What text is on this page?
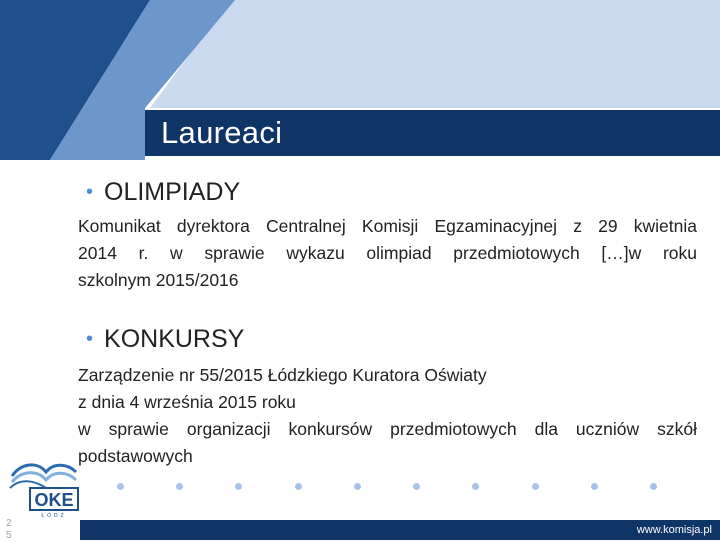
Laureaci
• OLIMPIADY
Komunikat dyrektora Centralnej Komisji Egzaminacyjnej z 29 kwietnia
2014 r. w sprawie wykazu olimpiad przedmiotowych […]w roku
szkolnym 2015/2016
• KONKURSY
Zarządzenie nr 55/2015 Łódzkiego Kuratora Oświaty
z dnia 4 września 2015 roku
w sprawie organizacji konkursów przedmiotowych dla uczniów szkół
podstawowych
OKE
ŁÓDŹ
25	www.komisja.pl
